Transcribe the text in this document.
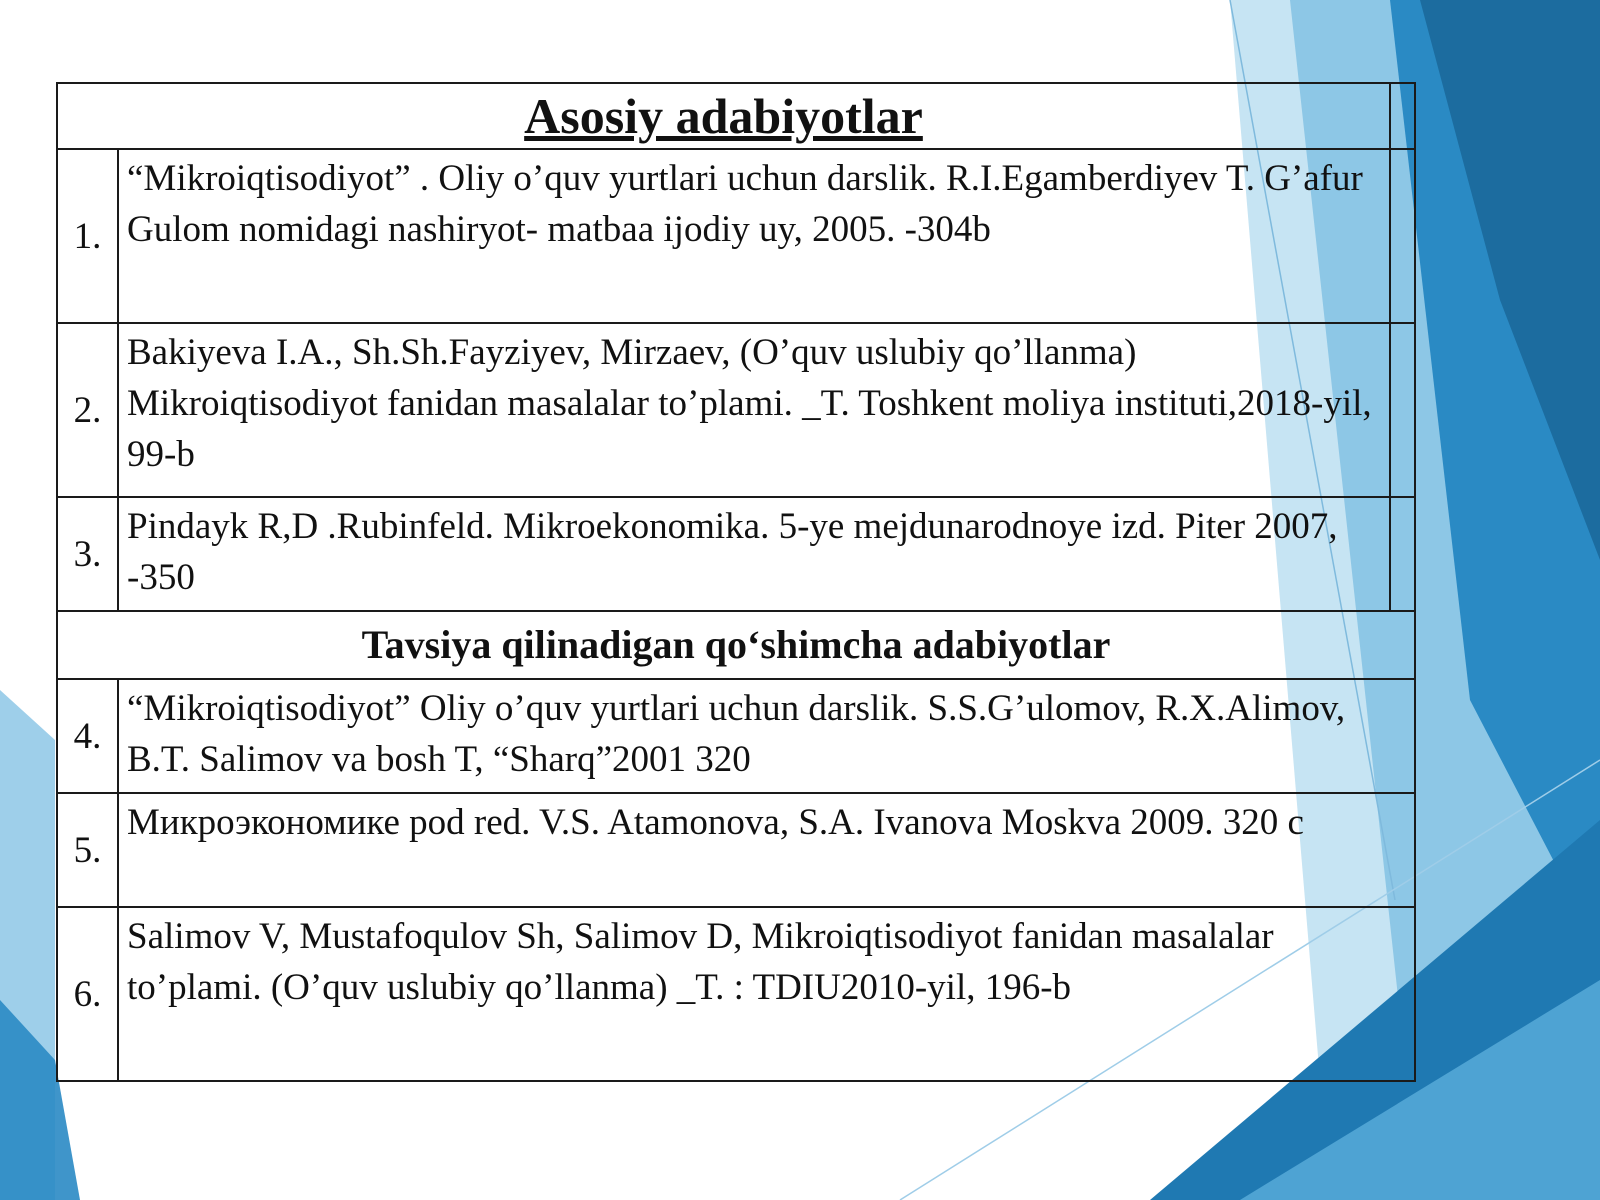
Asosiy adabiyotlar		
1.	“Mikroiqtisodiyot” . Oliy o’quv yurtlari uchun darslik. R.I.Egamberdiyev T. G’afur Gulom nomidagi nashiryot- matbaa ijodiy uy, 2005. -304b	

2.	Bakiyeva I.A., Sh.Sh.Fayziyev, Mirzaev, (O’quv uslubiy qo’llanma) Mikroiqtisodiyot fanidan masalalar to’plami. _T. Toshkent moliya instituti,2018-yil, 99-b	

3.	Pindayk R,D .Rubinfeld. Mikroekonomika. 5-ye mejdunarodnoye izd. Piter 2007, -350	

Tavsiya qilinadigan qo‘shimcha adabiyotlar		
4.	“Mikroiqtisodiyot” Oliy o’quv yurtlari uchun darslik. S.S.G’ulomov, R.X.Alimov, B.T. Salimov va bosh T, “Sharq”2001 320	

5.	Микроэкономике pod red. V.S. Atamonova, S.A. Ivanova Moskva 2009. 320 c	

6.	Salimov V, Mustafoqulov Sh, Salimov D, Mikroiqtisodiyot fanidan masalalar to’plami. (O’quv uslubiy qo’llanma) _T. : TDIU2010-yil, 196-b	
